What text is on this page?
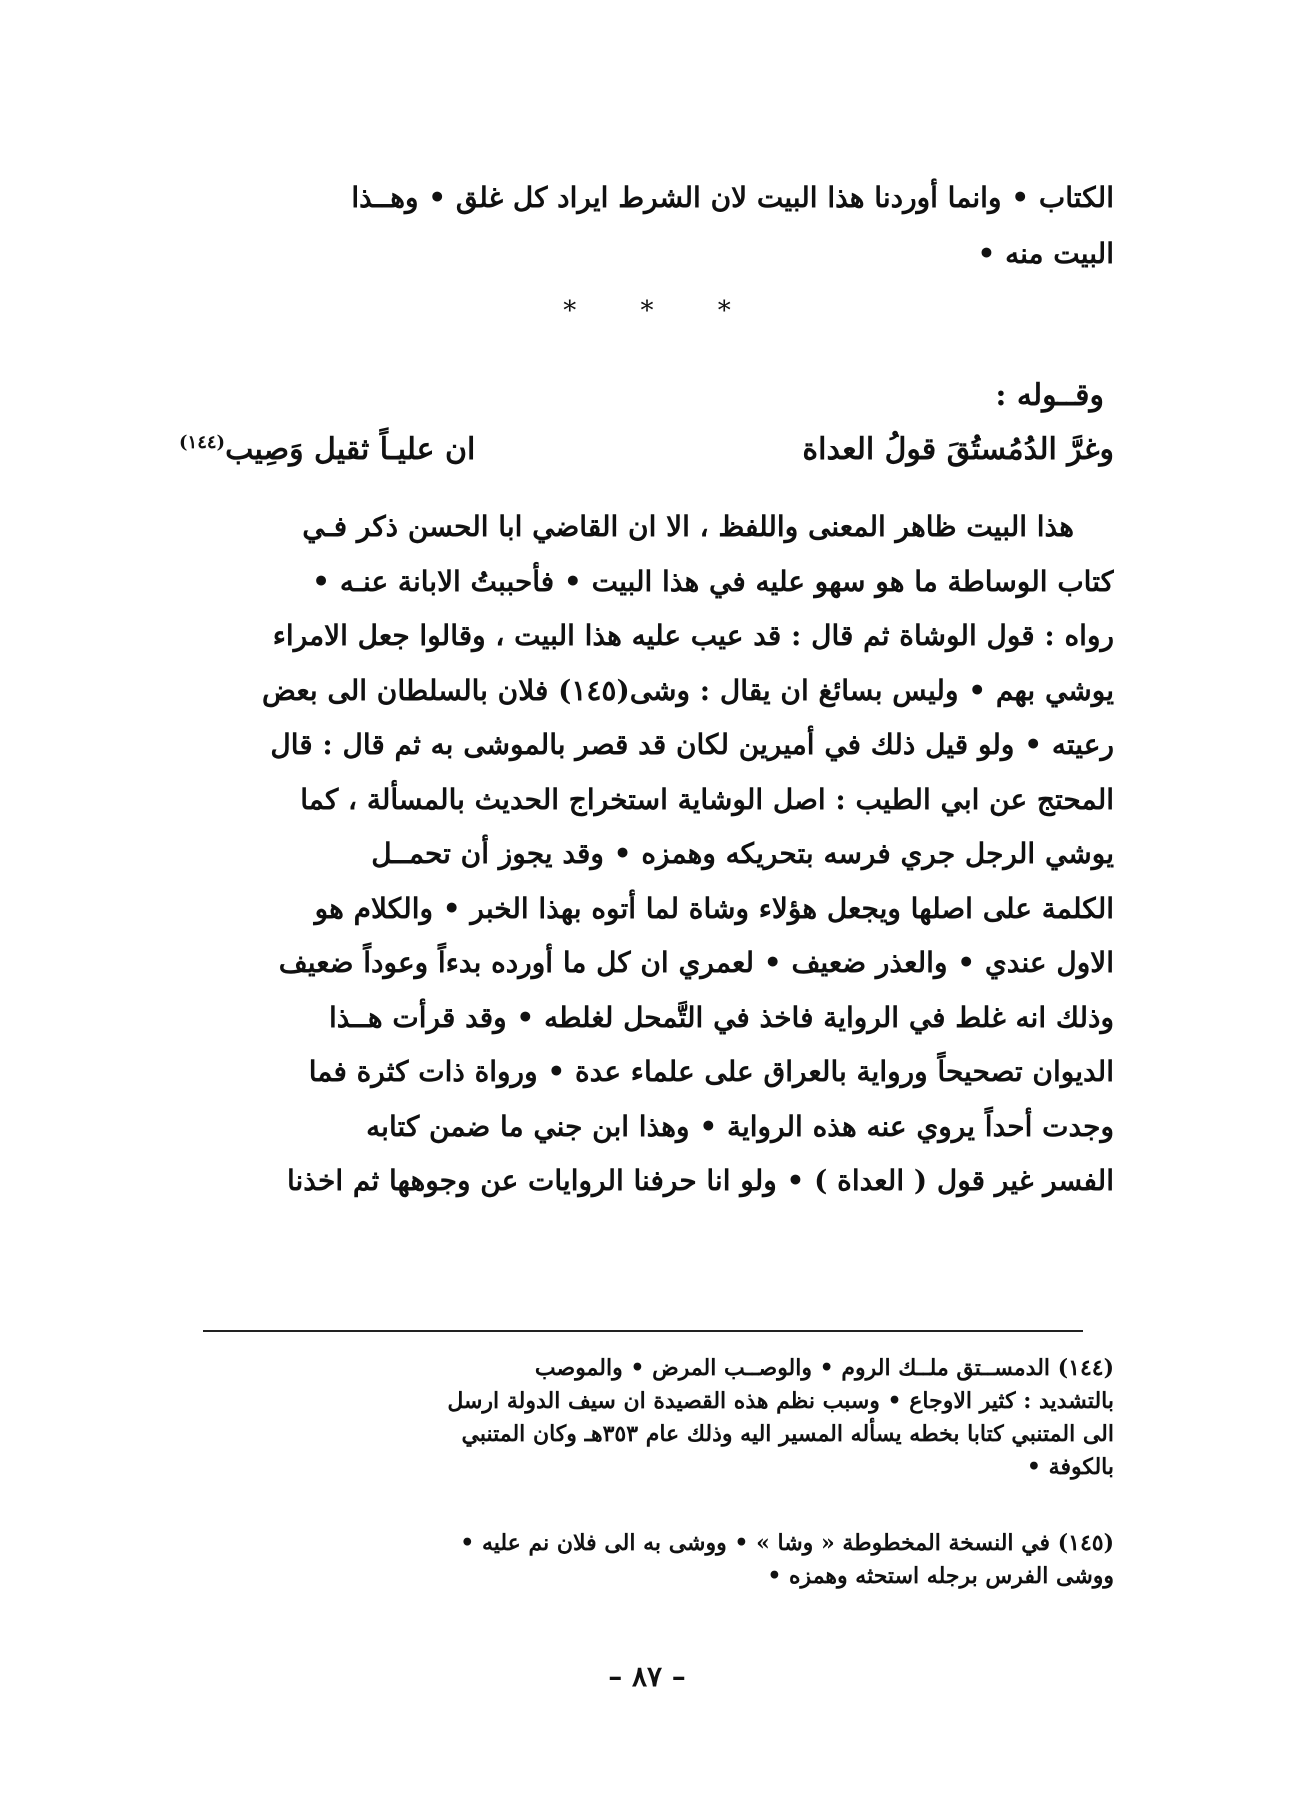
الكتاب • وانما أوردنا هذا البيت لان الشرط ايراد كل غلق • وهــذا
البيت منه •
* * *
وقــوله :
وغرَّ الدُمُستُقَ قولُ العداة
ان عليـاً ثقيل وَصِيب$^{(١٤٤)}$
هذا البيت ظاهر المعنى واللفظ ، الا ان القاضي ابا الحسن ذكر فـي
كتاب الوساطة ما هو سهو عليه في هذا البيت • فأحببتُ الابانة عنـه •
رواه : قول الوشاة ثم قال : قد عيب عليه هذا البيت ، وقالوا جعل الامراء
يوشي بهم • وليس بسائغ ان يقال : وشى(١٤٥) فلان بالسلطان الى بعض
رعيته • ولو قيل ذلك في أميرين لكان قد قصر بالموشى به ثم قال : قال
المحتج عن ابي الطيب : اصل الوشاية استخراج الحديث بالمسألة ، كما
يوشي الرجل جري فرسه بتحريكه وهمزه • وقد يجوز أن تحمــل
الكلمة على اصلها ويجعل هؤلاء وشاة لما أتوه بهذا الخبر • والكلام هو
الاول عندي • والعذر ضعيف • لعمري ان كل ما أورده بدءاً وعوداً ضعيف
وذلك انه غلط في الرواية فاخذ في التَّمحل لغلطه • وقد قرأت هــذا
الديوان تصحيحاً ورواية بالعراق على علماء عدة • ورواة ذات كثرة فما
وجدت أحداً يروي عنه هذه الرواية • وهذا ابن جني ما ضمن كتابه
الفسر غير قول ( العداة ) • ولو انا حرفنا الروايات عن وجوهها ثم اخذنا
(١٤٤) الدمســتق ملــك الروم • والوصــب المرض • والموصب
بالتشديد : كثير الاوجاع • وسبب نظم هذه القصيدة ان سيف الدولة ارسل
الى المتنبي كتابا بخطه يسأله المسير اليه وذلك عام ٣٥٣هـ وكان المتنبي
بالكوفة •
(١٤٥) في النسخة المخطوطة « وشا » • ووشى به الى فلان نم عليه •
ووشى الفرس برجله استحثه وهمزه •
– ٨٧ –
